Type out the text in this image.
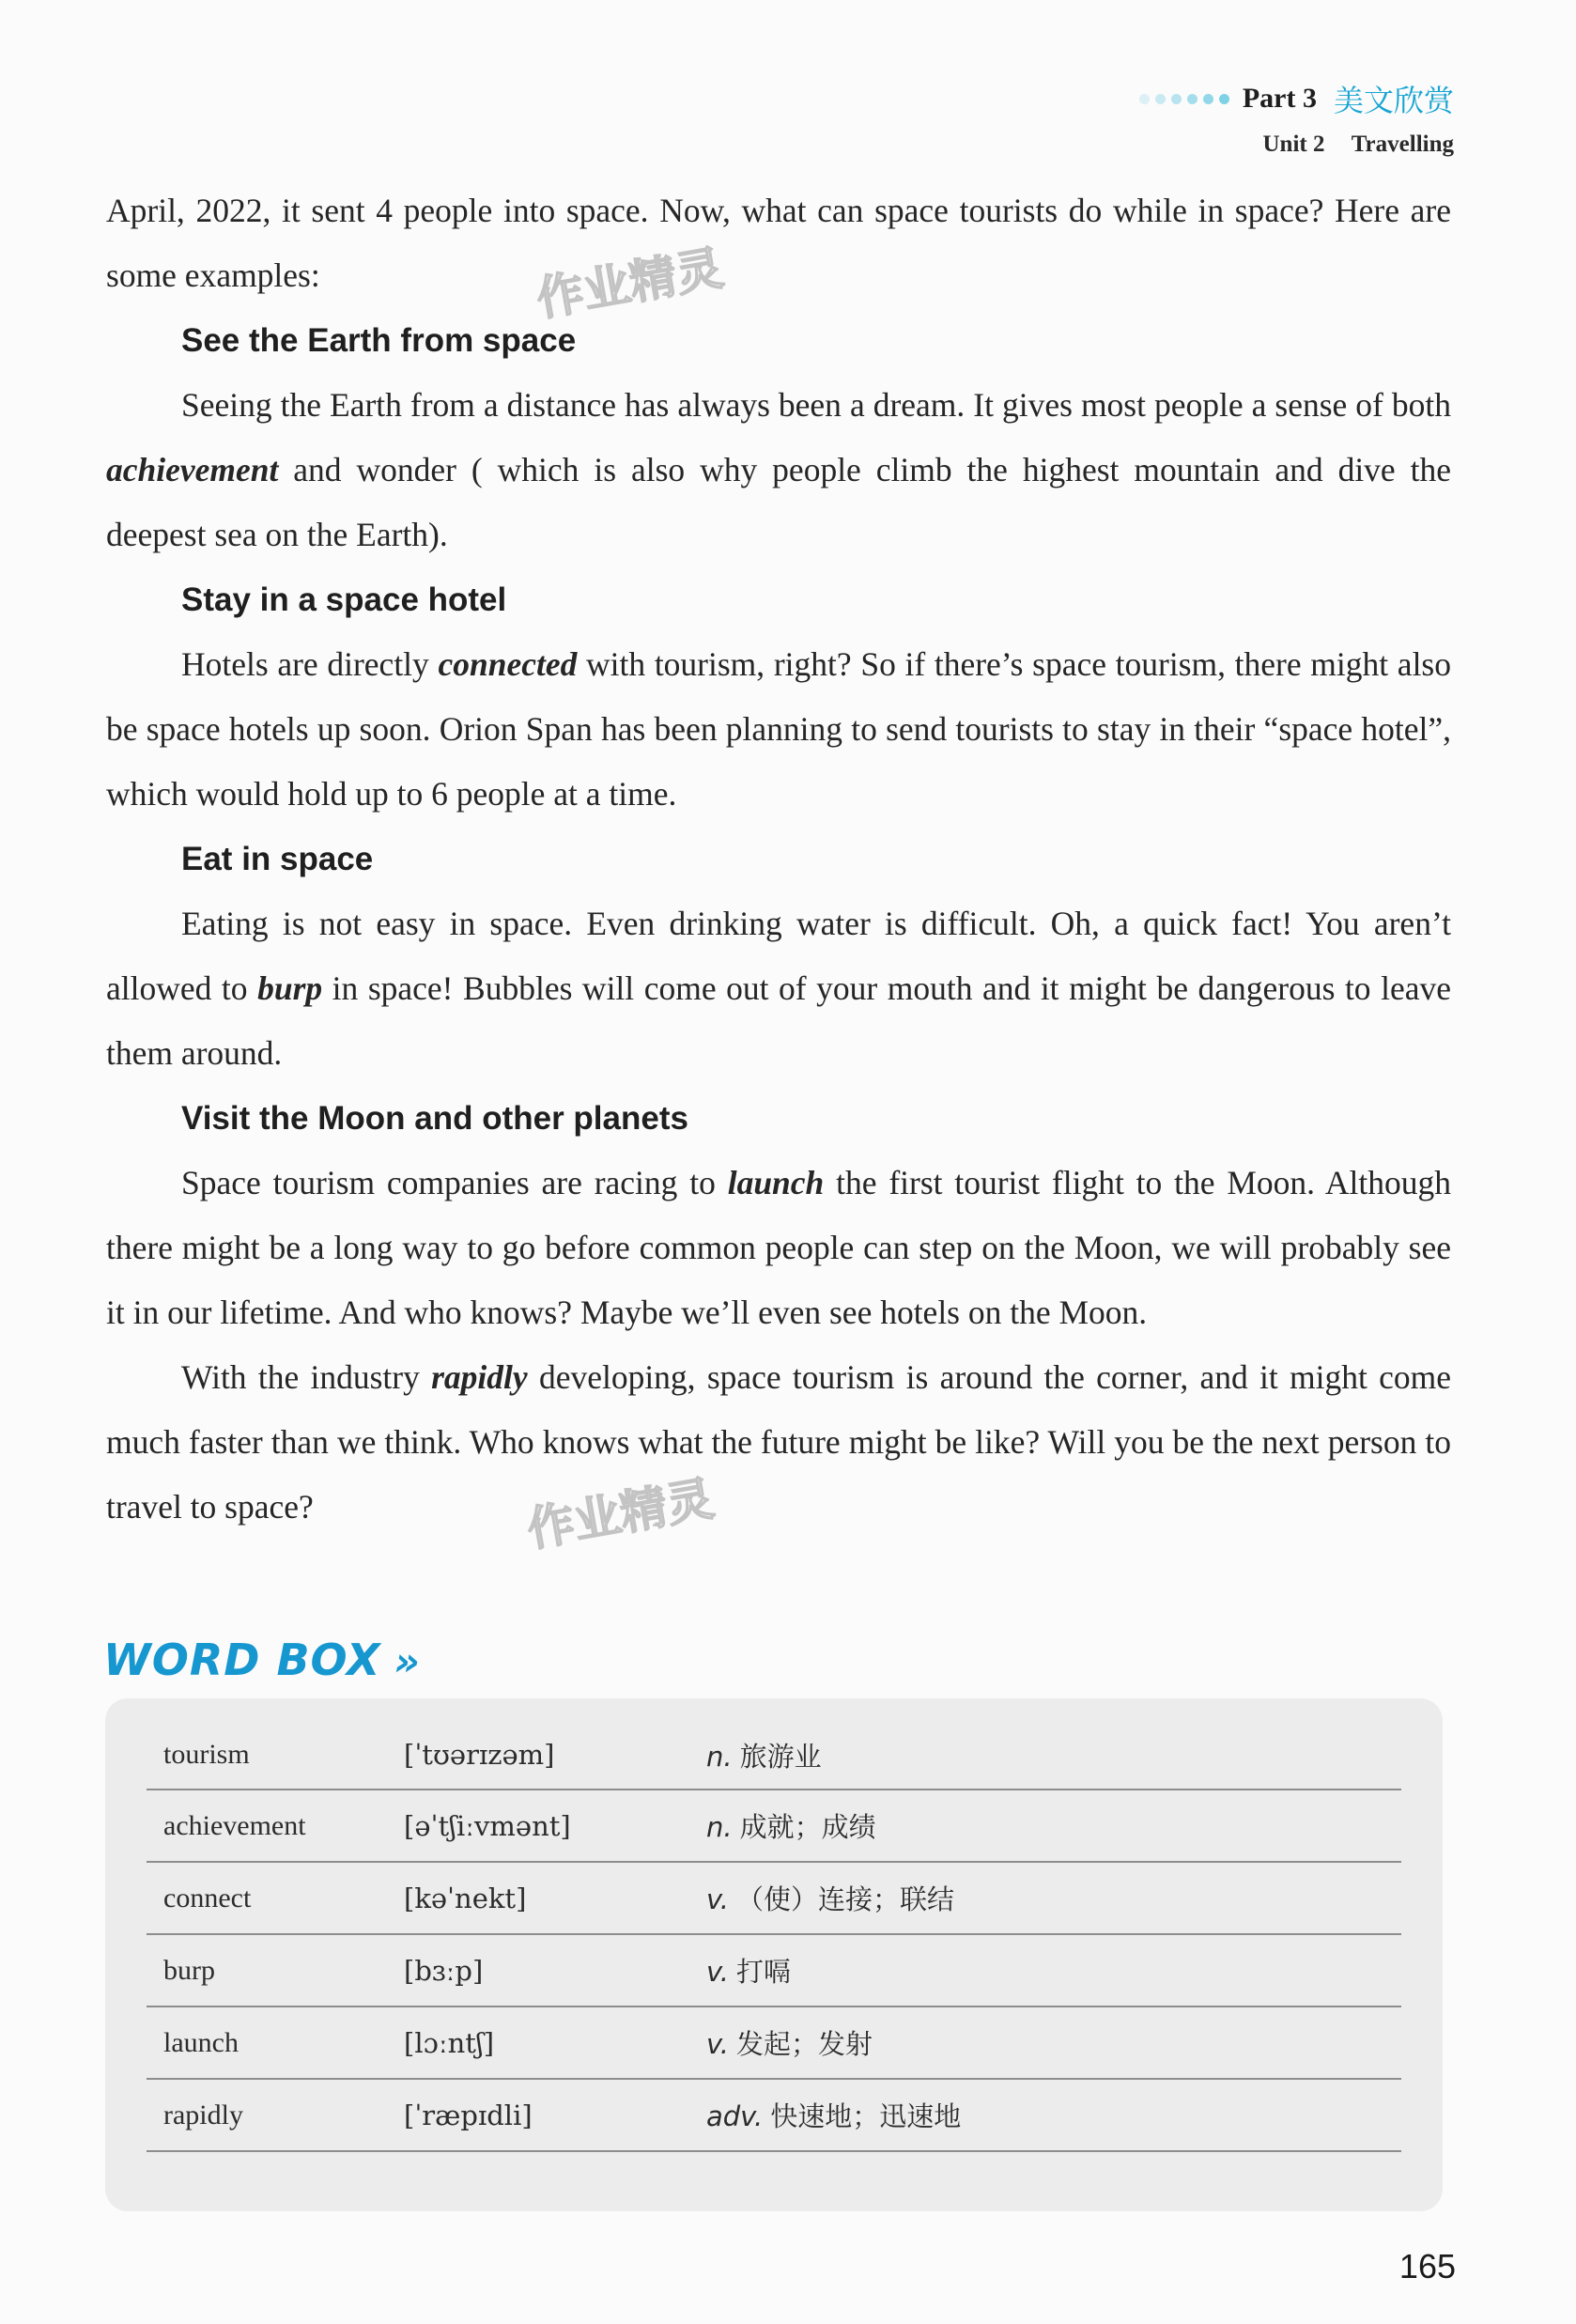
Part 3 美文欣赏
Unit 2 Travelling

April, 2022, it sent 4 people into space. Now, what can space tourists do while in space? Here are some examples:

See the Earth from space

Seeing the Earth from a distance has always been a dream. It gives most people a sense of both achievement and wonder ( which is also why people climb the highest mountain and dive the deepest sea on the Earth).

Stay in a space hotel

Hotels are directly connected with tourism, right? So if there’s space tourism, there might also be space hotels up soon. Orion Span has been planning to send tourists to stay in their “space hotel”, which would hold up to 6 people at a time.

Eat in space

Eating is not easy in space. Even drinking water is difficult. Oh, a quick fact! You aren’t allowed to burp in space! Bubbles will come out of your mouth and it might be dangerous to leave them around.

Visit the Moon and other planets

Space tourism companies are racing to launch the first tourist flight to the Moon. Although there might be a long way to go before common people can step on the Moon, we will probably see it in our lifetime. And who knows? Maybe we’ll even see hotels on the Moon.

With the industry rapidly developing, space tourism is around the corner, and it might come much faster than we think. Who knows what the future might be like? Will you be the next person to travel to space?

作业精灵
作业精灵
WORD BOX »
tourism	[ˈtʊərɪzəm]	n. 旅游业
achievement	[əˈtʃiːvmənt]	n. 成就；成绩
connect	[kəˈnekt]	v. （使）连接；联结
burp	[bɜːp]	v. 打嗝
launch	[lɔːntʃ]	v. 发起；发射
rapidly	[ˈræpɪdli]	adv. 快速地；迅速地
165
